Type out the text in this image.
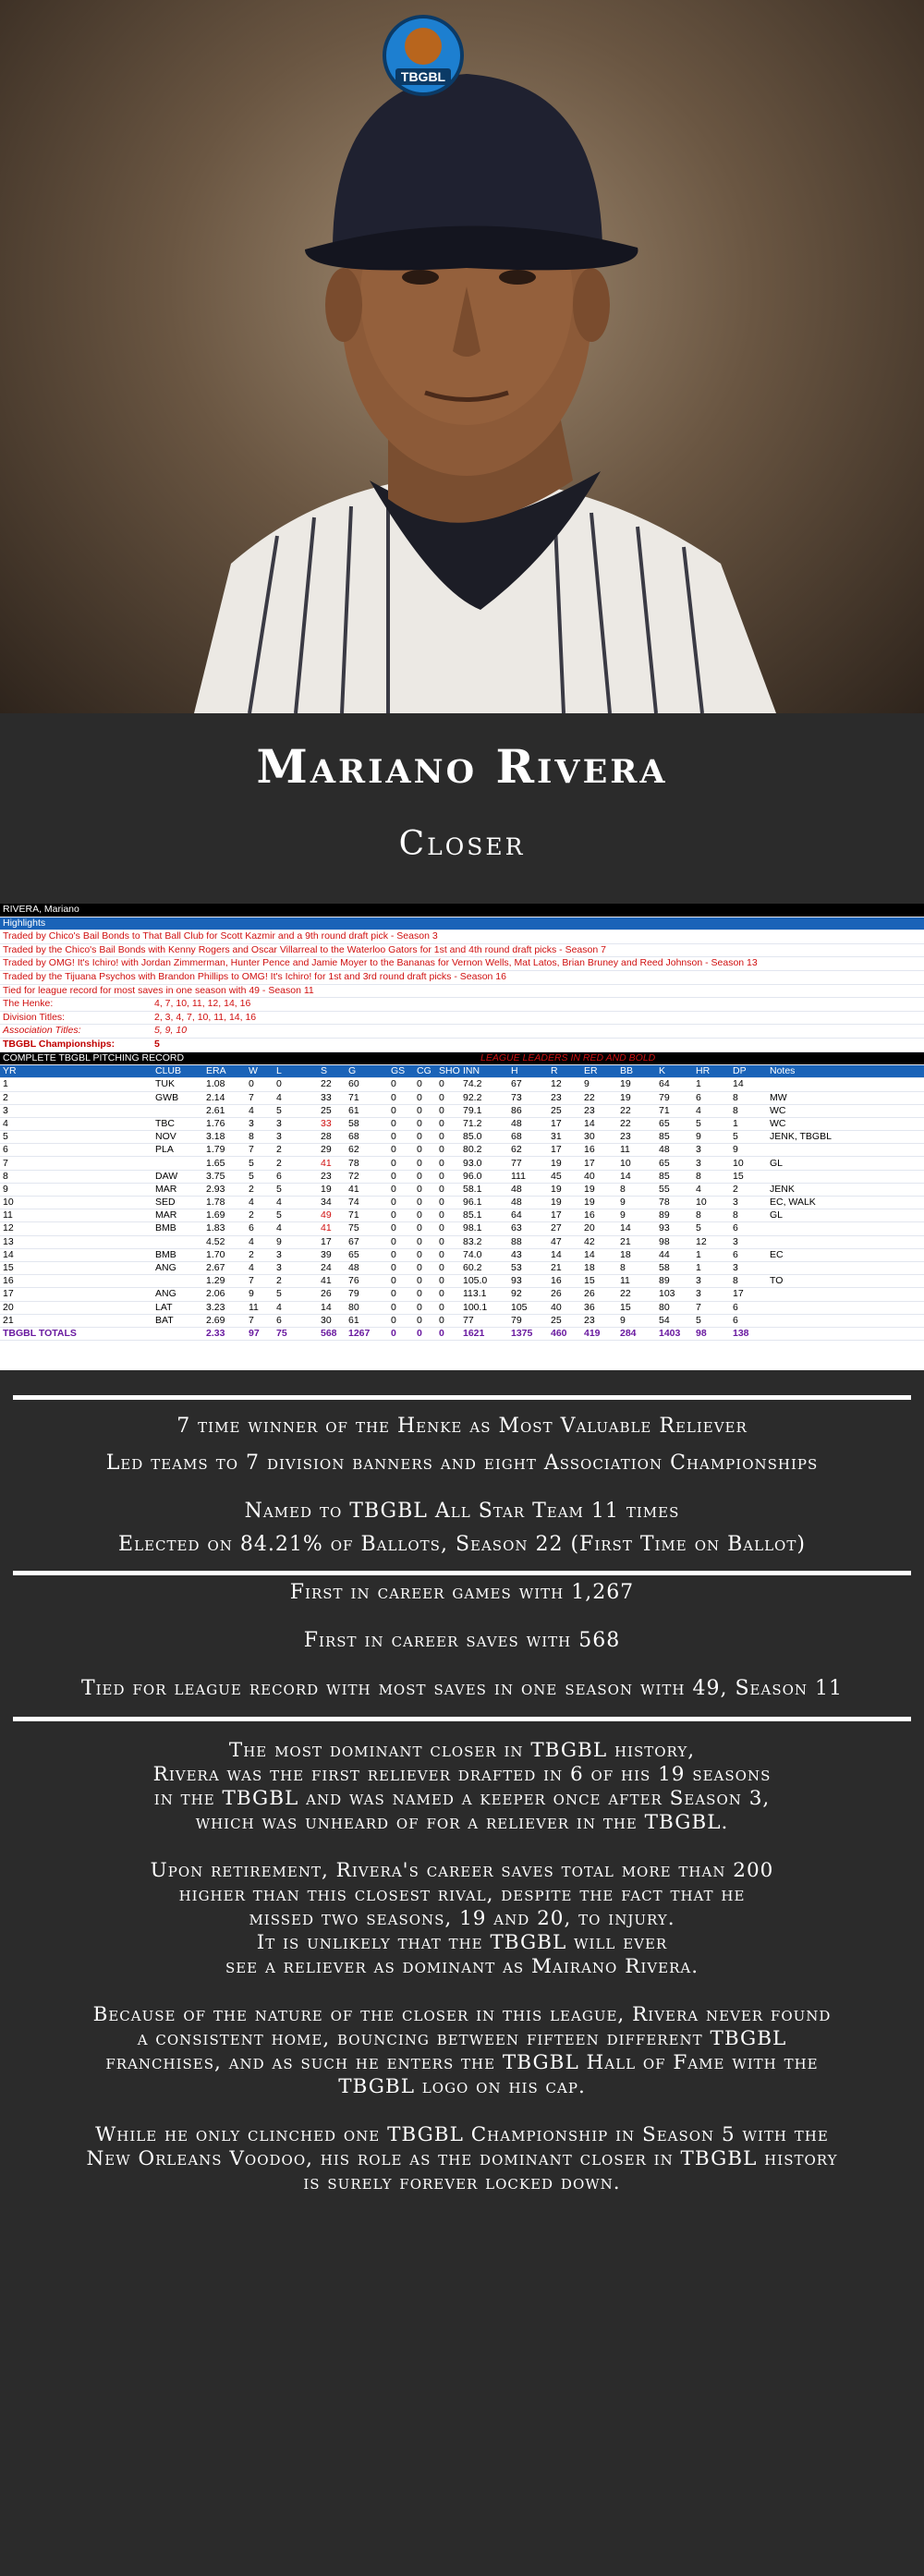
TBGBL
Mariano Rivera
Closer
RIVERA, Mariano
Highlights
Traded by Chico's Bail Bonds to That Ball Club for Scott Kazmir and a 9th round draft pick - Season 3
Traded by the Chico's Bail Bonds with Kenny Rogers and Oscar Villarreal to the Waterloo Gators for 1st and 4th round draft picks - Season 7
Traded by OMG! It's Ichiro! with Jordan Zimmerman, Hunter Pence and Jamie Moyer to the Bananas for Vernon Wells, Mat Latos, Brian Bruney and Reed Johnson - Season 13
Traded by the Tijuana Psychos with Brandon Phillips to OMG! It's Ichiro! for 1st and 3rd round draft picks - Season 16
Tied for league record for most saves in one season with 49 - Season 11
The Henke:	4, 7, 10, 11, 12, 14, 16
Division Titles:	2, 3, 4, 7, 10, 11, 14, 16
Association Titles:	5, 9, 10
TBGBL Championships:	5
COMPLETE TBGBL PITCHING RECORD	LEAGUE LEADERS IN RED AND BOLD
YR	CLUB	ERA	W	L	S	G	GS	CG	SHO	INN	H	R	ER	BB	K	HR	DP	Notes
1	TUK	1.08	0	0	22	60	0	0	0	74.2	67	12	9	19	64	1	14	
2	GWB	2.14	7	4	33	71	0	0	0	92.2	73	23	22	19	79	6	8	MW
3		2.61	4	5	25	61	0	0	0	79.1	86	25	23	22	71	4	8	WC
4	TBC	1.76	3	3	33	58	0	0	0	71.2	48	17	14	22	65	5	1	WC
5	NOV	3.18	8	3	28	68	0	0	0	85.0	68	31	30	23	85	9	5	JENK, TBGBL
6	PLA	1.79	7	2	29	62	0	0	0	80.2	62	17	16	11	48	3	9	
7		1.65	5	2	41	78	0	0	0	93.0	77	19	17	10	65	3	10	GL
8	DAW	3.75	5	6	23	72	0	0	0	96.0	111	45	40	14	85	8	15	
9	MAR	2.93	2	5	19	41	0	0	0	58.1	48	19	19	8	55	4	2	JENK
10	SED	1.78	4	4	34	74	0	0	0	96.1	48	19	19	9	78	10	3	EC, WALK
11	MAR	1.69	2	5	49	71	0	0	0	85.1	64	17	16	9	89	8	8	GL
12	BMB	1.83	6	4	41	75	0	0	0	98.1	63	27	20	14	93	5	6	
13		4.52	4	9	17	67	0	0	0	83.2	88	47	42	21	98	12	3	
14	BMB	1.70	2	3	39	65	0	0	0	74.0	43	14	14	18	44	1	6	EC
15	ANG	2.67	4	3	24	48	0	0	0	60.2	53	21	18	8	58	1	3	
16		1.29	7	2	41	76	0	0	0	105.0	93	16	15	11	89	3	8	TO
17	ANG	2.06	9	5	26	79	0	0	0	113.1	92	26	26	22	103	3	17	
20	LAT	3.23	11	4	14	80	0	0	0	100.1	105	40	36	15	80	7	6	
21	BAT	2.69	7	6	30	61	0	0	0	77	79	25	23	9	54	5	6	
TBGBL TOTALS		2.33	97	75	568	1267	0	0	0	1621	1375	460	419	284	1403	98	138	

7 time winner of the Henke as Most Valuable Reliever

Led teams to 7 division banners and eight Association Championships

Named to TBGBL All Star Team 11 times

Elected on 84.21% of Ballots, Season 22 (First Time on Ballot)

First in career games with 1,267

First in career saves with 568

Tied for league record with most saves in one season with 49, Season 11

The most dominant closer in TBGBL history,
Rivera was the first reliever drafted in 6 of his 19 seasons
in the TBGBL and was named a keeper once after Season 3,
which was unheard of for a reliever in the TBGBL.

Upon retirement, Rivera's career saves total more than 200
higher than this closest rival, despite the fact that he
missed two seasons, 19 and 20, to injury.
It is unlikely that the TBGBL will ever
see a reliever as dominant as Mairano Rivera.

Because of the nature of the closer in this league, Rivera never found
a consistent home, bouncing between fifteen different TBGBL
franchises, and as such he enters the TBGBL Hall of Fame with the
TBGBL logo on his cap.

While he only clinched one TBGBL Championship in Season 5 with the
New Orleans Voodoo, his role as the dominant closer in TBGBL history
is surely forever locked down.
